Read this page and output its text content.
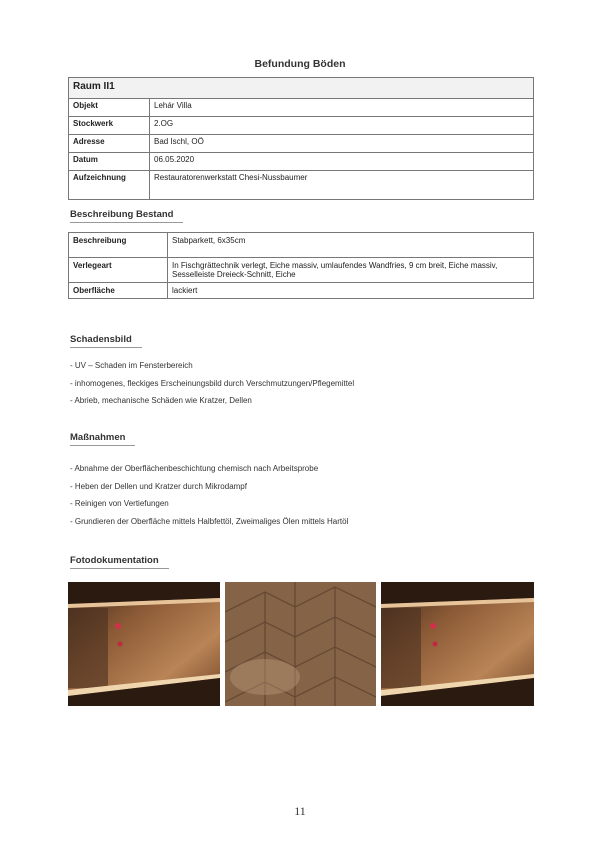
Befundung Böden
Raum II1	
Objekt	Lehár Villa
Stockwerk	2.OG
Adresse	Bad Ischl, OÖ
Datum	06.05.2020
Aufzeichnung	Restauratorenwerkstatt Chesi-Nussbaumer
Beschreibung Bestand
Beschreibung	Stabparkett, 6x35cm
Verlegeart	In Fischgrättechnik verlegt, Eiche massiv, umlaufendes Wandfries, 9 cm breit, Eiche massiv, Sesselleiste Dreieck-Schnitt, Eiche
Oberfläche	lackiert
Schadensbild
- UV – Schaden im Fensterbereich
- inhomogenes, fleckiges Erscheinungsbild durch Verschmutzungen/Pflegemittel
- Abrieb, mechanische Schäden wie Kratzer, Dellen
Maßnahmen
- Abnahme der Oberflächenbeschichtung chemisch nach Arbeitsprobe
- Heben der Dellen und Kratzer durch Mikrodampf
- Reinigen von Vertiefungen
- Grundieren der Oberfläche mittels Halbfettöl, Zweimaliges Ölen mittels Hartöl
Fotodokumentation
11
